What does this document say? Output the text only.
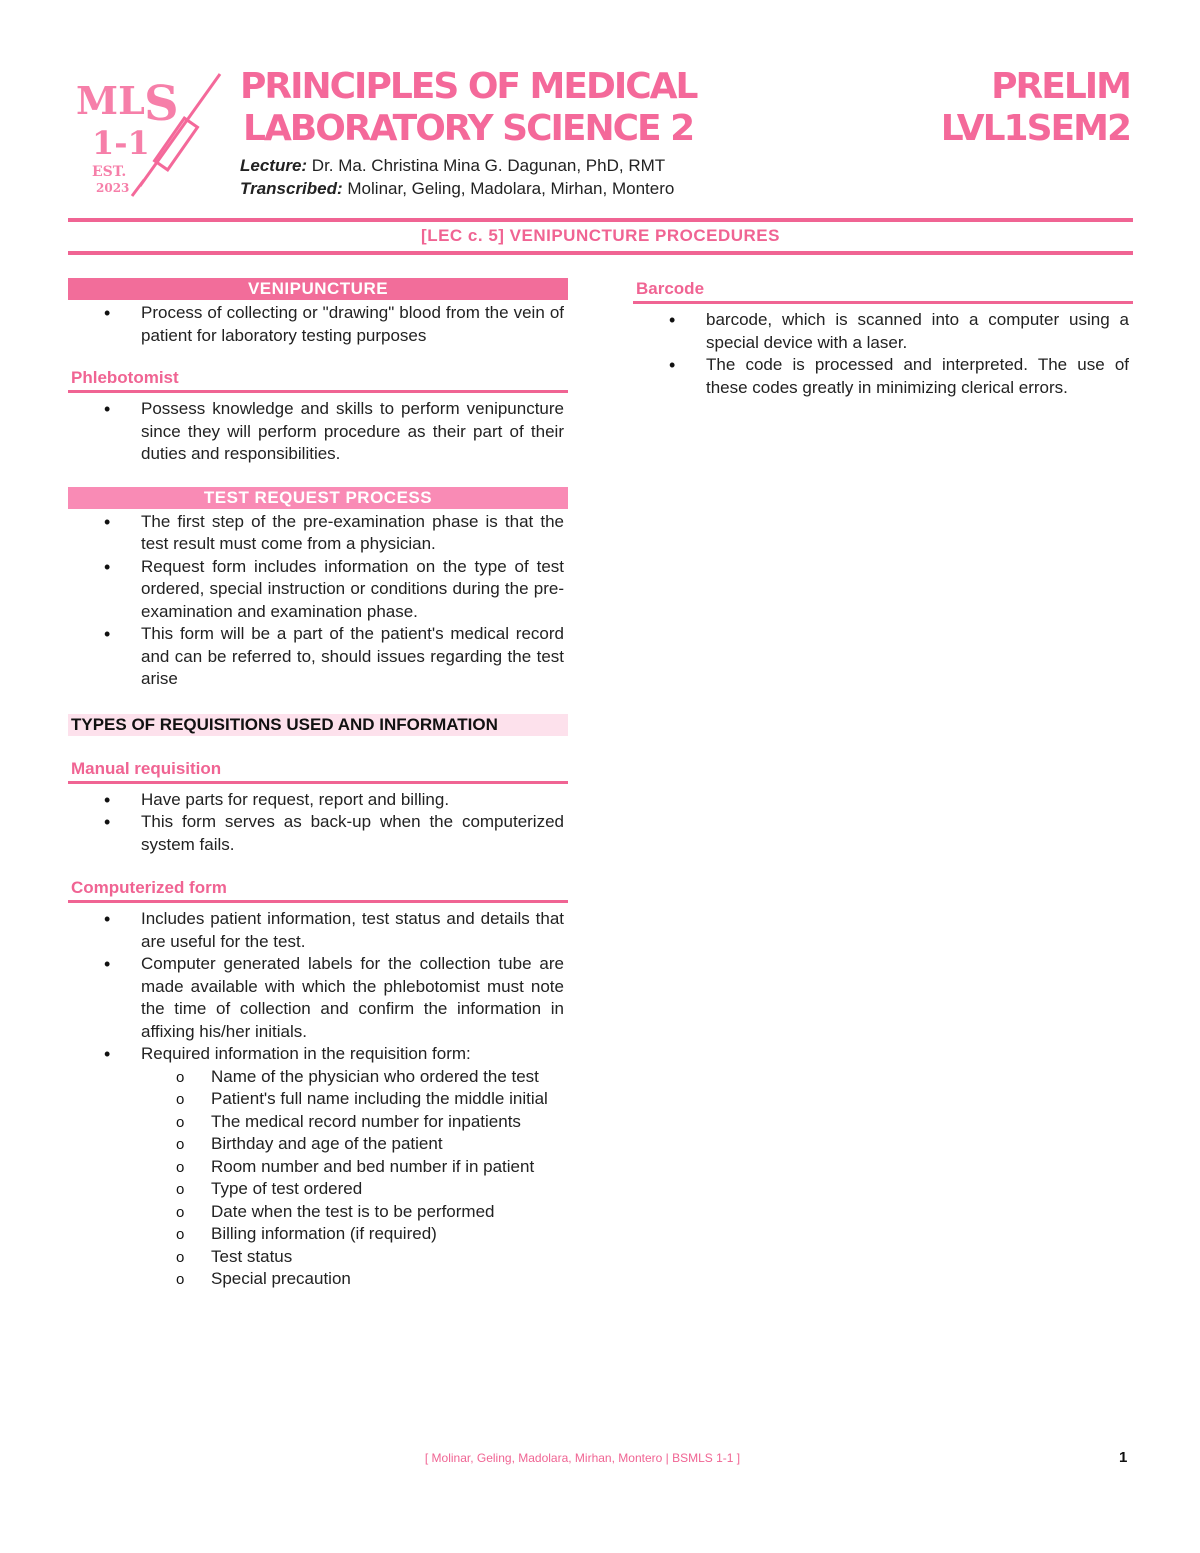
ML S
1-1
EST.
2023
PRINCIPLES OF MEDICAL
LABORATORY SCIENCE 2
PRELIM
LVL1SEM2
Lecture: Dr. Ma. Christina Mina G. Dagunan, PhD, RMT
Transcribed: Molinar, Geling, Madolara, Mirhan, Montero
[LEC c. 5] VENIPUNCTURE PROCEDURES
VENIPUNCTURE
• Process of collecting or "drawing" blood from the vein of patient for laboratory testing purposes
Phlebotomist
• Possess knowledge and skills to perform venipuncture since they will perform procedure as their part of their duties and responsibilities.
TEST REQUEST PROCESS
• The first step of the pre-examination phase is that the test result must come from a physician.
• Request form includes information on the type of test ordered, special instruction or conditions during the pre- examination and examination phase.
• This form will be a part of the patient's medical record and can be referred to, should issues regarding the test arise
TYPES OF REQUISITIONS USED AND INFORMATION
Manual requisition
• Have parts for request, report and billing.
• This form serves as back-up when the computerized system fails.
Computerized form
• Includes patient information, test status and details that are useful for the test.
• Computer generated labels for the collection tube are made available with which the phlebotomist must note the time of collection and confirm the information in affixing his/her initials.
• Required information in the requisition form:
o Name of the physician who ordered the test
o Patient's full name including the middle initial
o The medical record number for inpatients
o Birthday and age of the patient
o Room number and bed number if in patient
o Type of test ordered
o Date when the test is to be performed
o Billing information (if required)
o Test status
o Special precaution
Barcode
• barcode, which is scanned into a computer using a special device with a laser.
• The code is processed and interpreted. The use of these codes greatly in minimizing clerical errors.
[ Molinar, Geling, Madolara, Mirhan, Montero | BSMLS 1-1 ]	1
